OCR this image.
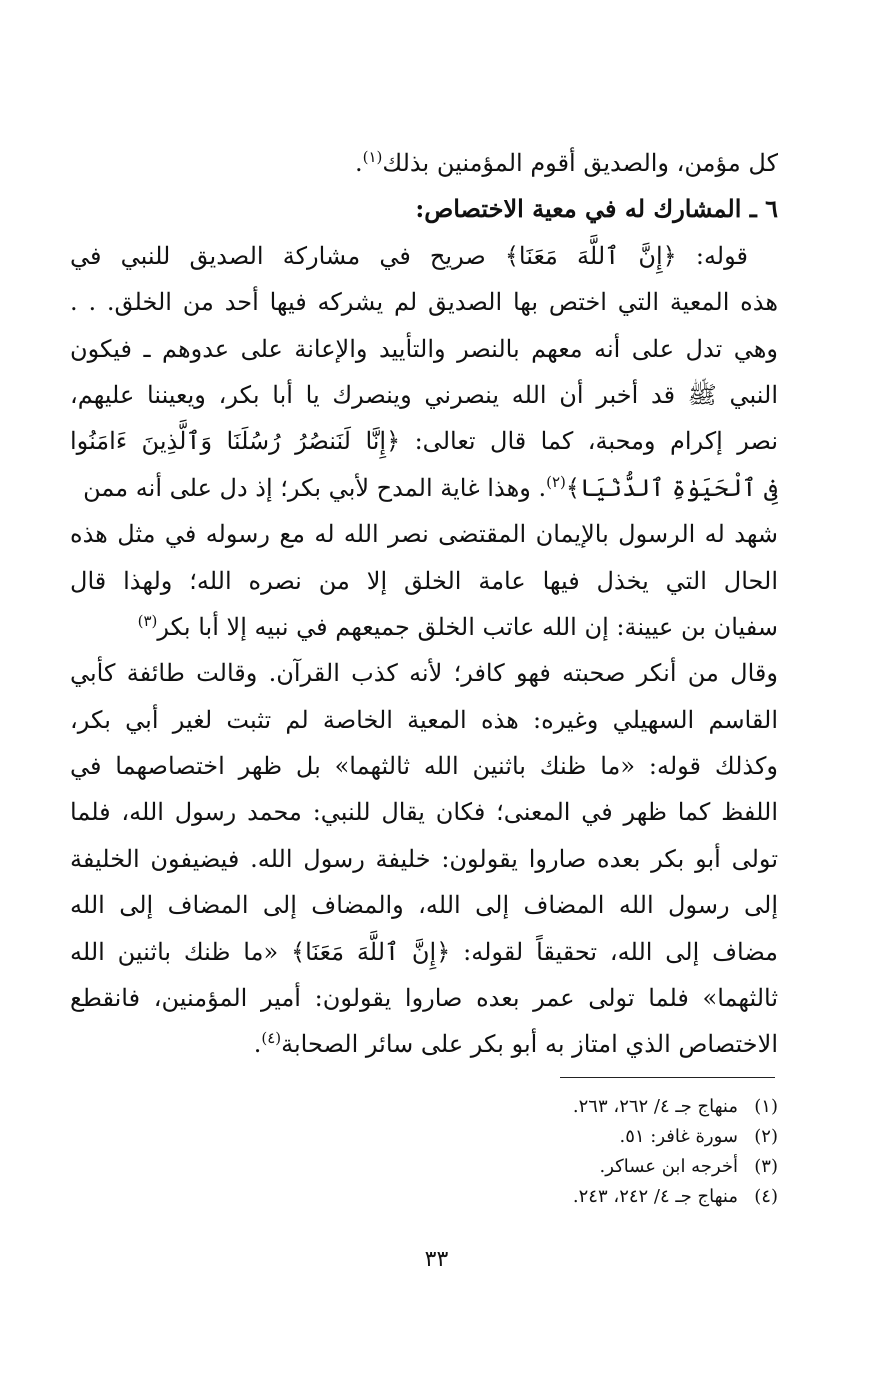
كل مؤمن، والصديق أقوم المؤمنين بذلك$^{(١)}$.
٦ ـ المشارك له في معية الاختصاص:
قوله: ﴿إِنَّ ٱللَّهَ مَعَنَا﴾ صريح في مشاركة الصديق للنبي في
هذه المعية التي اختص بها الصديق لم يشركه فيها أحد من الخلق. . .
وهي تدل على أنه معهم بالنصر والتأييد والإعانة على عدوهم ـ فيكون
النبي ﷺ قد أخبر أن الله ينصرني وينصرك يا أبا بكر، ويعيننا عليهم،
نصر إكرام ومحبة، كما قال تعالى: ﴿إِنَّا لَنَنصُرُ رُسُلَنَا وَٱلَّذِينَ ءَامَنُوا
فِى ٱلْحَيَوٰةِ ٱلدُّنْيَا﴾$^{(٢)}$. وهذا غاية المدح لأبي بكر؛ إذ دل على أنه ممن
شهد له الرسول بالإيمان المقتضى نصر الله له مع رسوله في مثل هذه
الحال التي يخذل فيها عامة الخلق إلا من نصره الله؛ ولهذا قال
سفيان بن عيينة: إن الله عاتب الخلق جميعهم في نبيه إلا أبا بكر$^{(٣)}$
وقال من أنكر صحبته فهو كافر؛ لأنه كذب القرآن. وقالت طائفة كأبي
القاسم السهيلي وغيره: هذه المعية الخاصة لم تثبت لغير أبي بكر،
وكذلك قوله: «ما ظنك باثنين الله ثالثهما» بل ظهر اختصاصهما في
اللفظ كما ظهر في المعنى؛ فكان يقال للنبي: محمد رسول الله، فلما
تولى أبو بكر بعده صاروا يقولون: خليفة رسول الله. فيضيفون الخليفة
إلى رسول الله المضاف إلى الله، والمضاف إلى المضاف إلى الله
مضاف إلى الله، تحقيقاً لقوله: ﴿إِنَّ ٱللَّهَ مَعَنَا﴾ «ما ظنك باثنين الله
ثالثهما» فلما تولى عمر بعده صاروا يقولون: أمير المؤمنين، فانقطع
الاختصاص الذي امتاز به أبو بكر على سائر الصحابة$^{(٤)}$.
(١)منهاج جـ ٤/ ٢٦٢، ٢٦٣.
(٢)سورة غافر: ٥١.
(٣)أخرجه ابن عساكر.
(٤)منهاج جـ ٤/ ٢٤٢، ٢٤٣.
٣٣
